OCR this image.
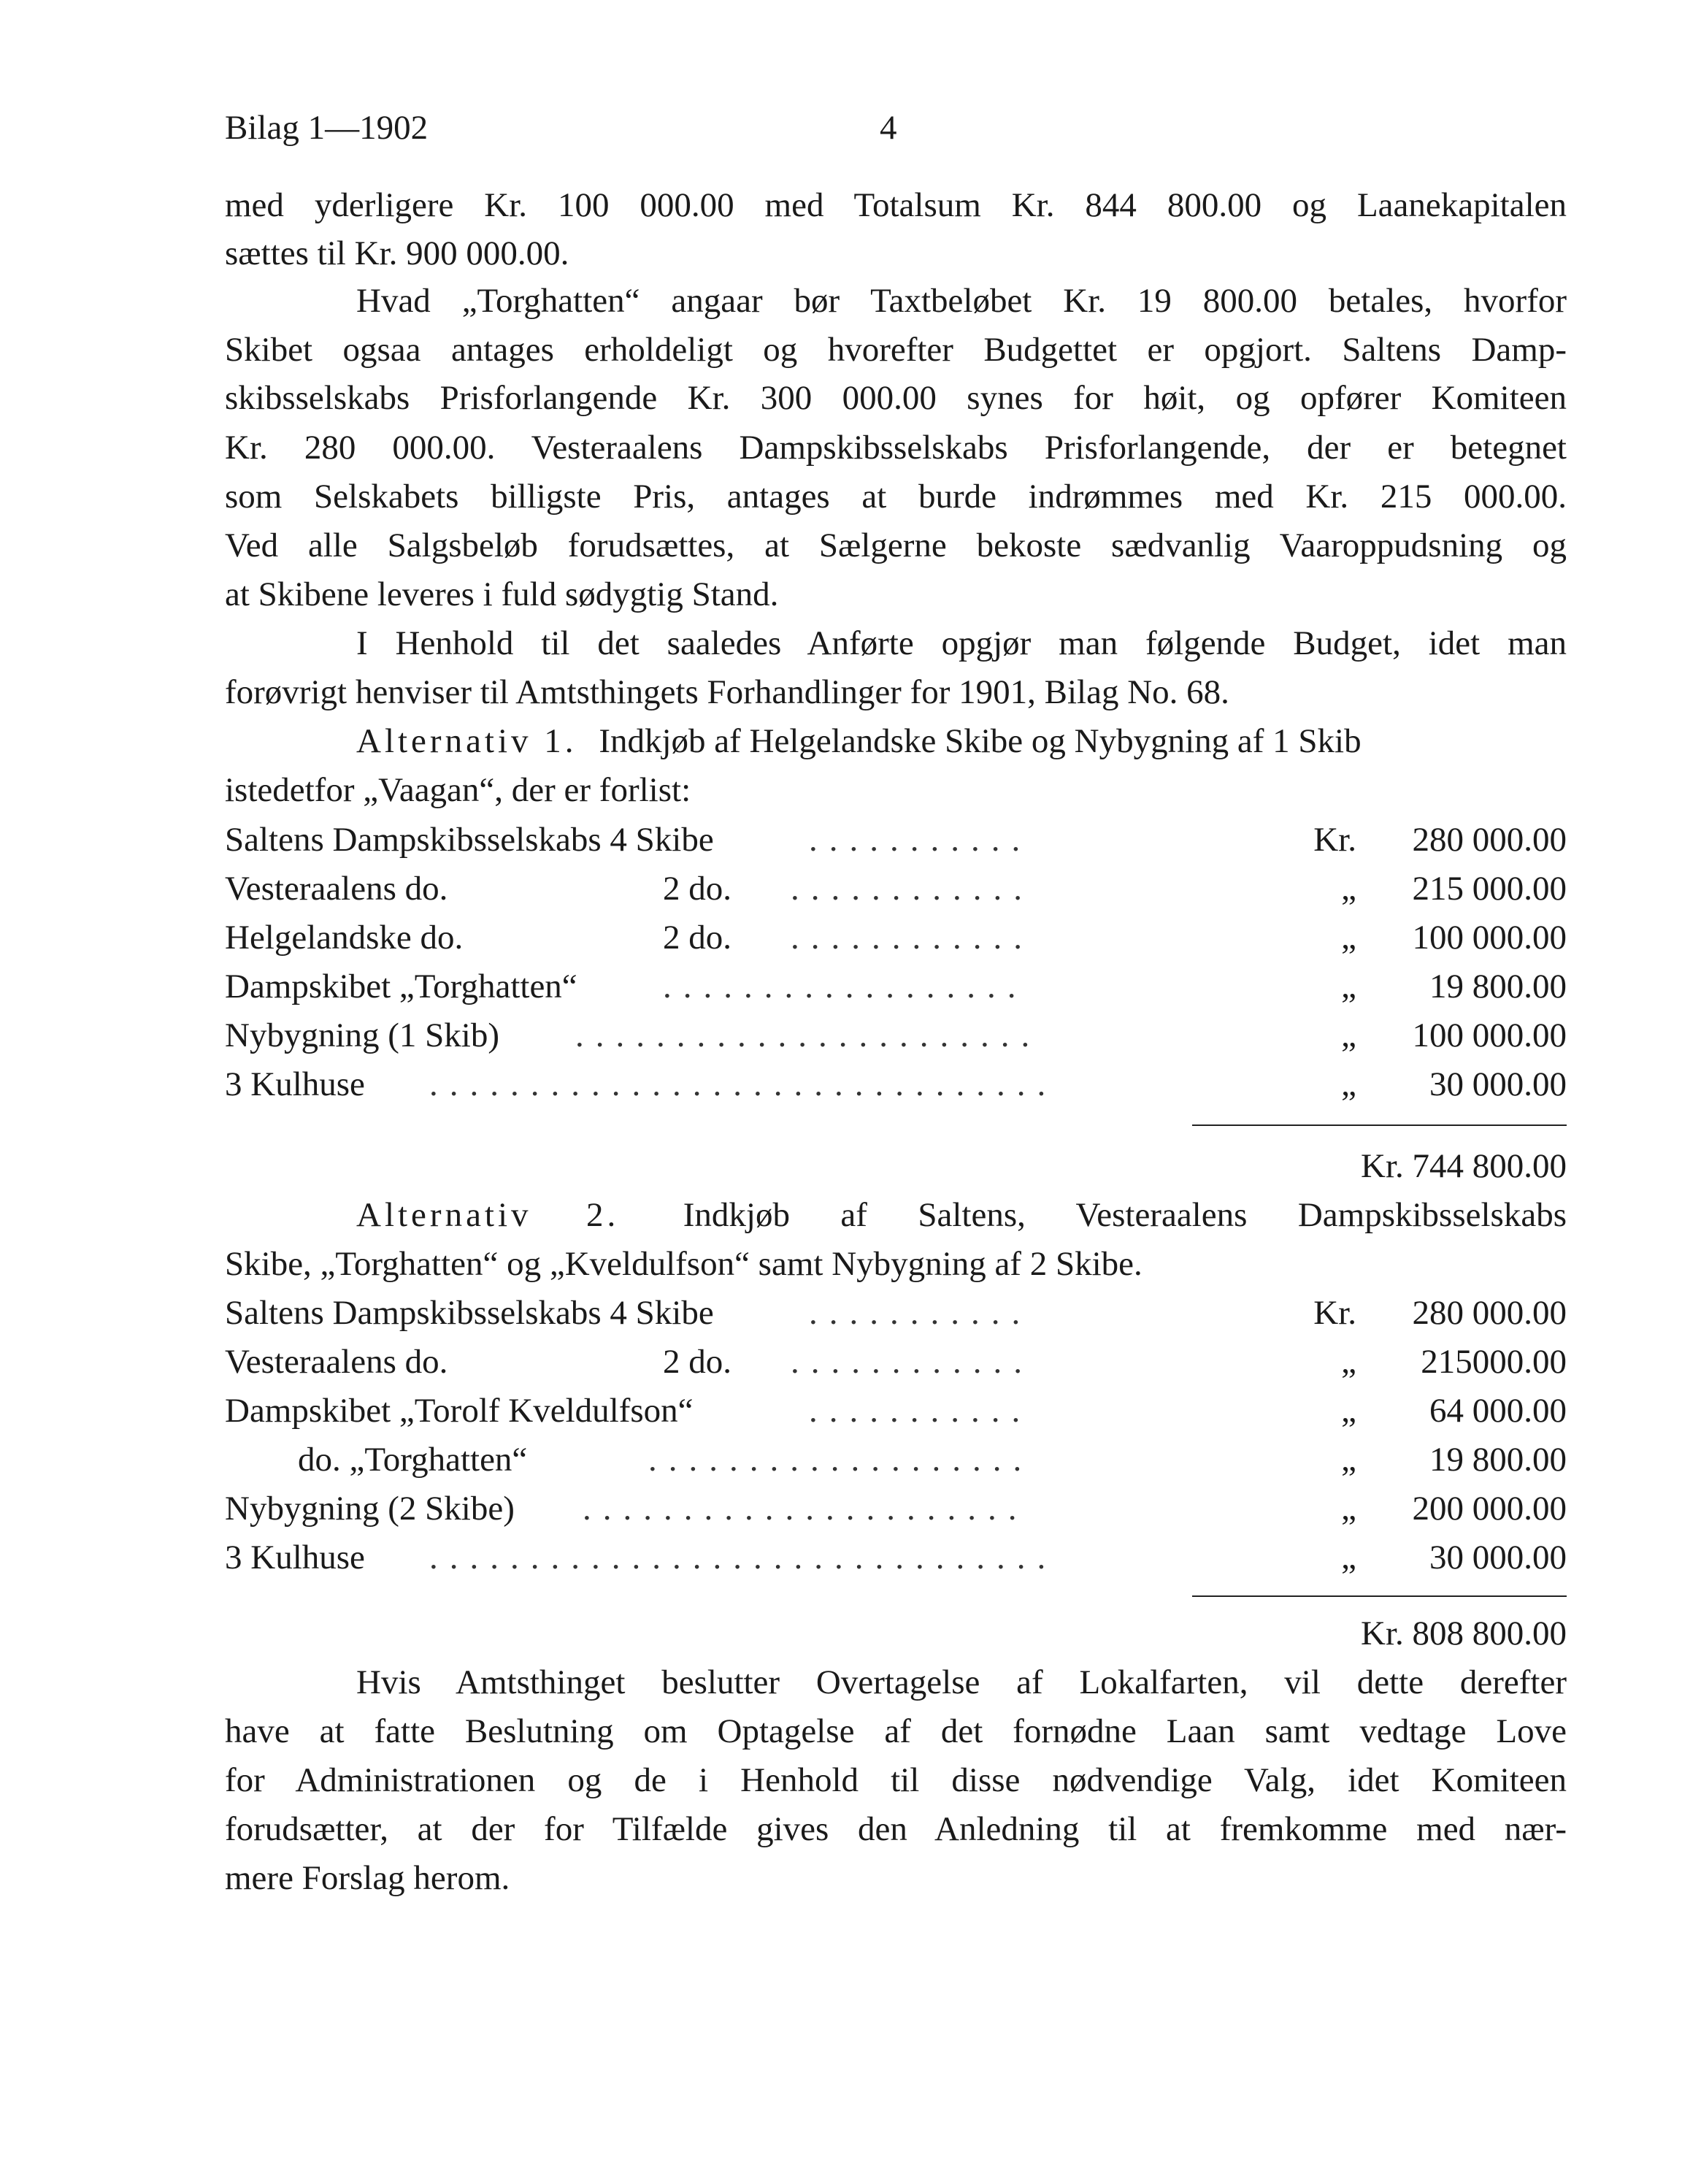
Bilag 1—1902	4
med yderligere Kr. 100 000.00 med Totalsum Kr. 844 800.00 og Laanekapitalen
sættes til Kr. 900 000.00.
Hvad „Torghatten“ angaar bør Taxtbeløbet Kr. 19 800.00 betales, hvorfor
Skibet ogsaa antages erholdeligt og hvorefter Budgettet er opgjort. Saltens Damp-
skibsselskabs Prisforlangende Kr. 300 000.00 synes for høit, og opfører Komiteen
Kr. 280 000.00. Vesteraalens Dampskibsselskabs Prisforlangende, der er betegnet
som Selskabets billigste Pris, antages at burde indrømmes med Kr. 215 000.00.
Ved alle Salgsbeløb forudsættes, at Sælgerne bekoste sædvanlig Vaaroppudsning og
at Skibene leveres i fuld sødygtig Stand.
I Henhold til det saaledes Anførte opgjør man følgende Budget, idet man
forøvrigt henviser til Amtsthingets Forhandlinger for 1901, Bilag No. 68.
Alternativ 1. Indkjøb af Helgelandske Skibe og Nybygning af 1 Skib
istedetfor „Vaagan“, der er forlist:
Saltens Dampskibsselskabs 4 Skibe	...........	Kr.	280 000.00
Vesteraalens do.	2 do. ............	„	215 000.00
Helgelandske do.	2 do. ............	„	100 000.00
Dampskibet „Torghatten“ ..................	„	19 800.00
Nybygning (1 Skib) .......................	„	100 000.00
3 Kulhuse ...............................	„	30 000.00
Kr. 744 800.00
Alternativ 2. Indkjøb af Saltens, Vesteraalens Dampskibsselskabs
Skibe, „Torghatten“ og „Kveldulfson“ samt Nybygning af 2 Skibe.
Saltens Dampskibsselskabs 4 Skibe	...........	Kr.	280 000.00
Vesteraalens do.	2 do. ............	„	215000.00
Dampskibet „Torolf Kveldulfson“	...........	„	64 000.00
do. „Torghatten“	...................	„	19 800.00
Nybygning (2 Skibe) ......................	„	200 000.00
3 Kulhuse ...............................	„	30 000.00
Kr. 808 800.00
Hvis Amtsthinget beslutter Overtagelse af Lokalfarten, vil dette derefter
have at fatte Beslutning om Optagelse af det fornødne Laan samt vedtage Love
for Administrationen og de i Henhold til disse nødvendige Valg, idet Komiteen
forudsætter, at der for Tilfælde gives den Anledning til at fremkomme med nær-
mere Forslag herom.
